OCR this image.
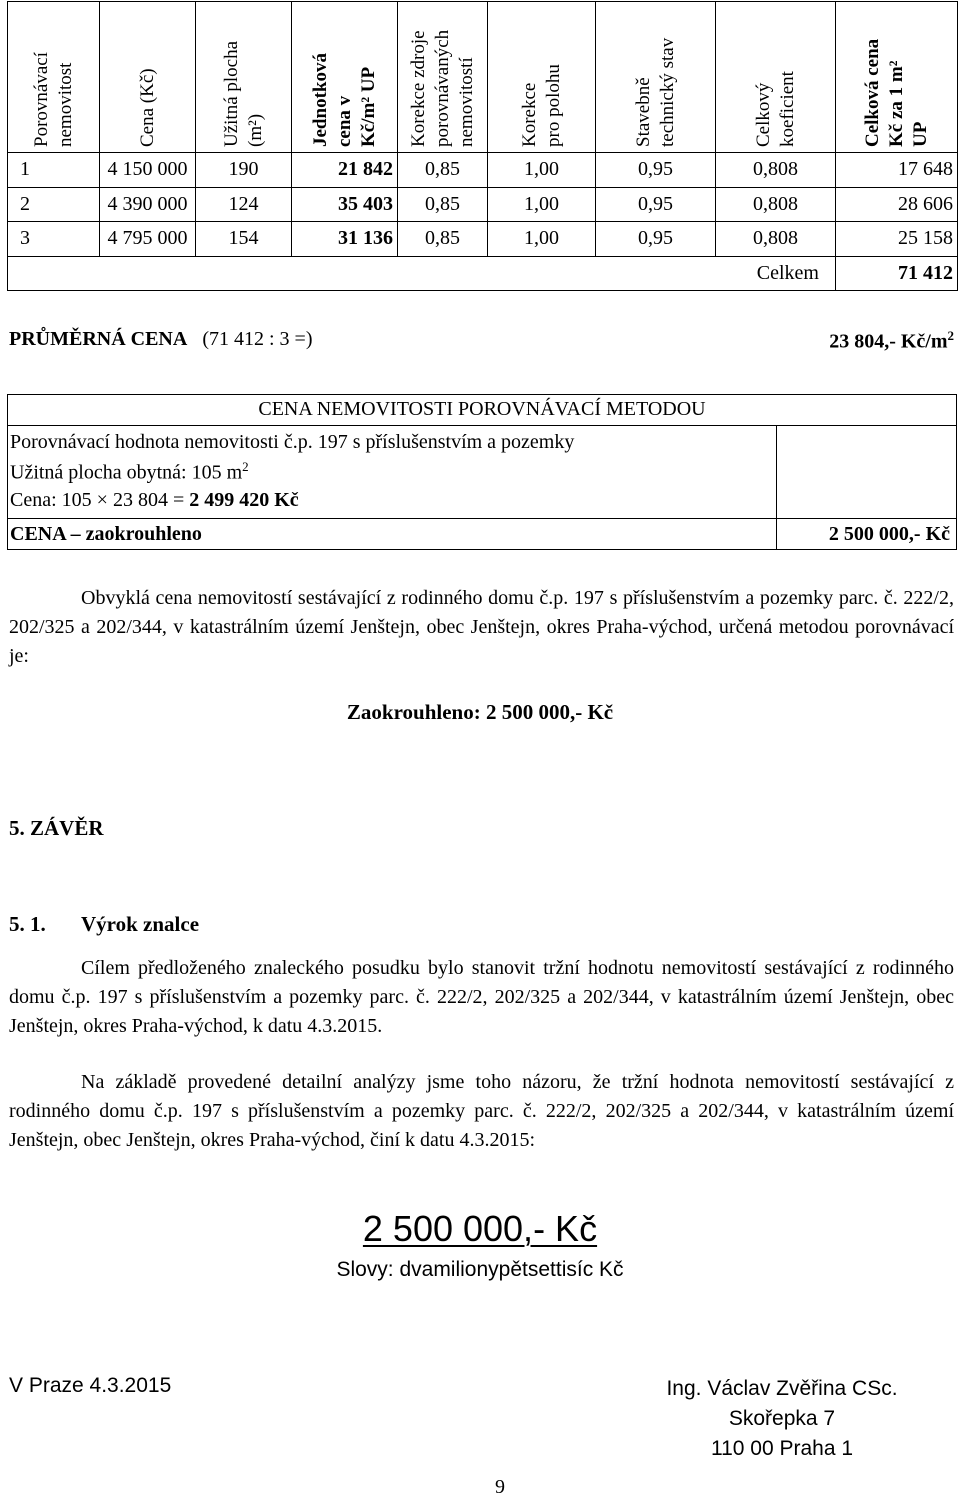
Porovnávací
nemovitost	Cena (Kč)	Užitná plocha
(m²)	Jednotková
cena v
Kč/m² UP	Korekce zdroje
porovnávaných
nemovitostí	Korekce
pro polohu	Stavebně
technický stav	Celkový
koeficient	Celková cena
Kč za 1 m²
UP

1	4 150 000	190	21 842	0,85	1,00	0,95	0,808	17 648
2	4 390 000	124	35 403	0,85	1,00	0,95	0,808	28 606
3	4 795 000	154	31 136	0,85	1,00	0,95	0,808	25 158
							Celkem	71 412
PRŮMĚRNÁ CENA (71 412 : 3 =)	23 804,- $Kč/m^2$
CENA NEMOVITOSTI POROVNÁVACÍ METODOU
Porovnávací hodnota nemovitosti č.p. 197 s příslušenstvím a pozemky
Užitná plocha obytná: 105 $m^2$
Cena: 105 × 23 804 = 2 499 420 Kč
CENA – zaokrouhleno	2 500 000,- Kč
Obvyklá cena nemovitostí sestávající z rodinného domu č.p. 197 s příslušenstvím a pozemky parc. č. 222/2, 202/325 a 202/344, v katastrálním území Jenštejn, obec Jenštejn, okres Praha-východ, určená metodou porovnávací je:
Zaokrouhleno: 2 500 000,- Kč
5. ZÁVĚR
5. 1. Výrok znalce
Cílem předloženého znaleckého posudku bylo stanovit tržní hodnotu nemovitostí sestávající z rodinného domu č.p. 197 s příslušenstvím a pozemky parc. č. 222/2, 202/325 a 202/344, v katastrálním území Jenštejn, obec Jenštejn, okres Praha-východ, k datu 4.3.2015.
Na základě provedené detailní analýzy jsme toho názoru, že tržní hodnota nemovitostí sestávající z rodinného domu č.p. 197 s příslušenstvím a pozemky parc. č. 222/2, 202/325 a 202/344, v katastrálním území Jenštejn, obec Jenštejn, okres Praha-východ, činí k datu 4.3.2015:
2 500 000,- Kč
Slovy: dvamilionypětsettisíc Kč
V Praze 4.3.2015	Ing. Václav Zvěřina CSc.
Skořepka 7
110 00 Praha 1
9
